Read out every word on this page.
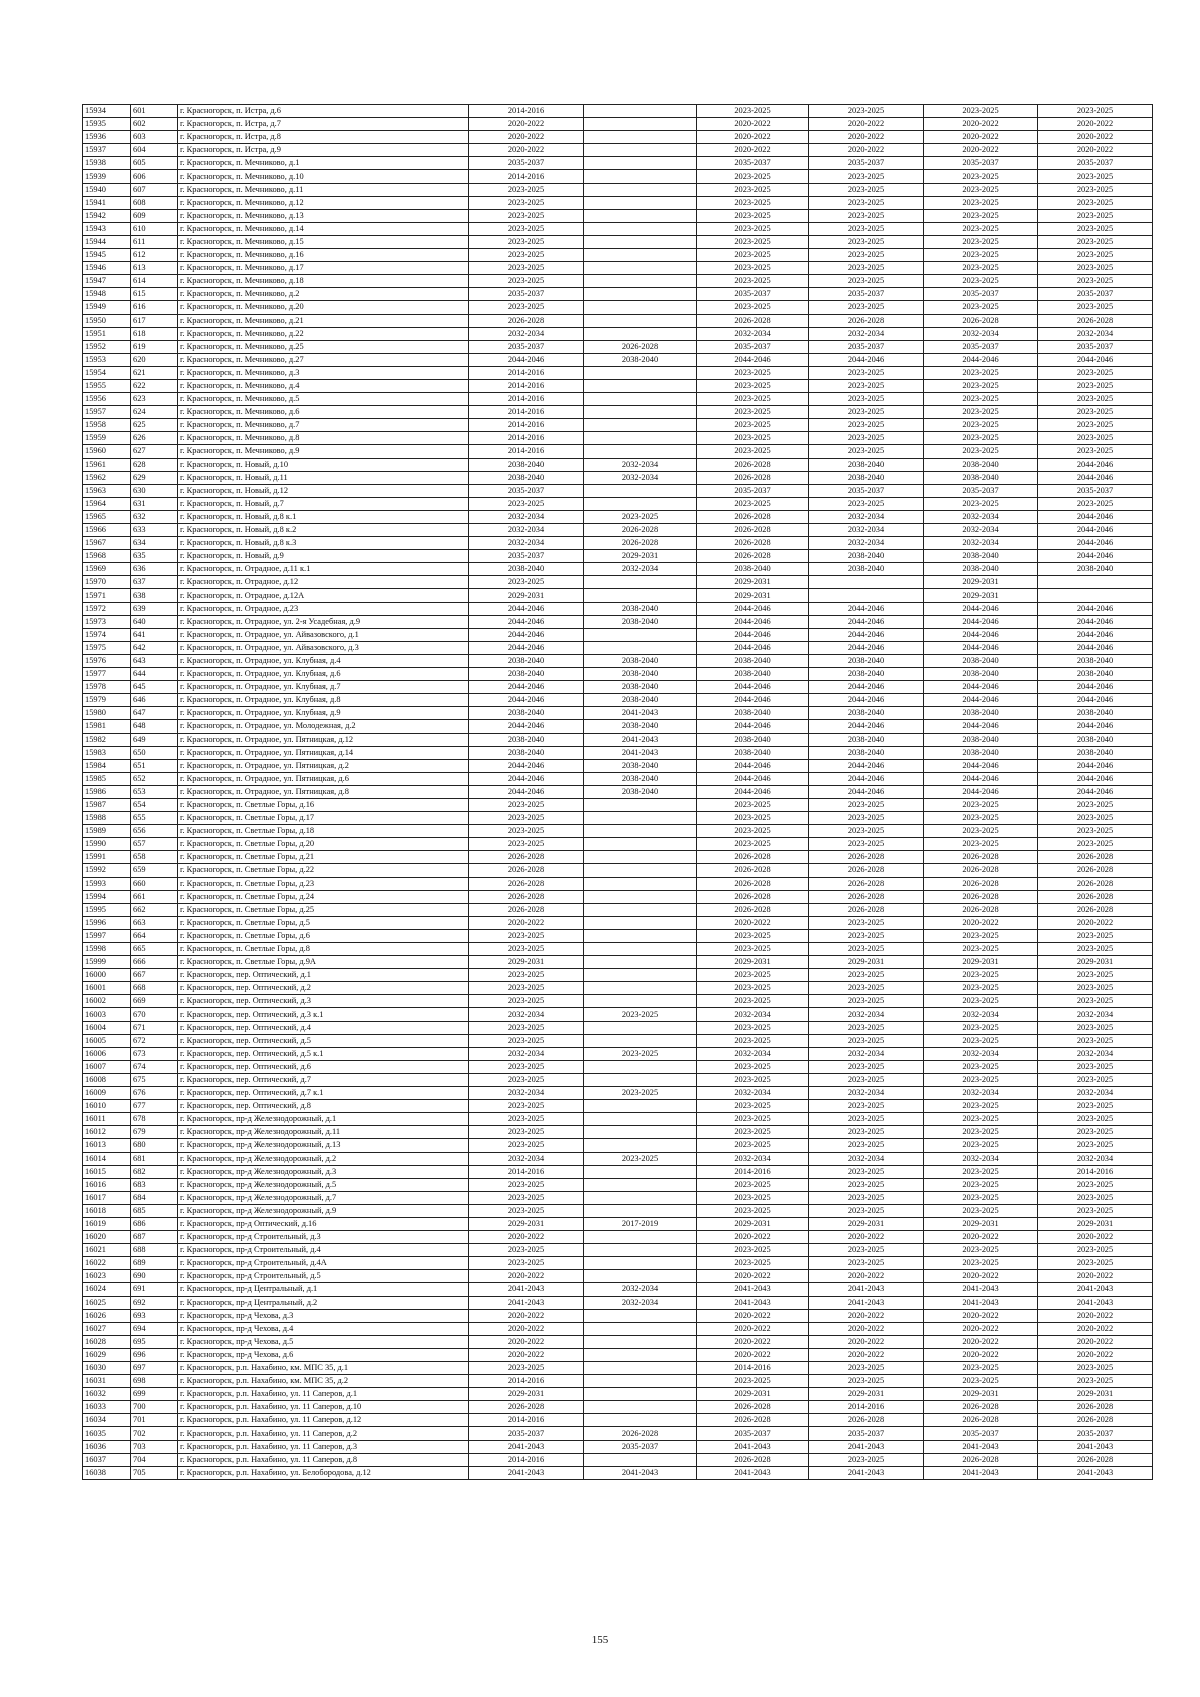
15934	601	г. Красногорск, п. Истра, д.6	2014-2016		2023-2025	2023-2025	2023-2025	2023-2025
15935	602	г. Красногорск, п. Истра, д.7	2020-2022		2020-2022	2020-2022	2020-2022	2020-2022
15936	603	г. Красногорск, п. Истра, д.8	2020-2022		2020-2022	2020-2022	2020-2022	2020-2022
15937	604	г. Красногорск, п. Истра, д.9	2020-2022		2020-2022	2020-2022	2020-2022	2020-2022
15938	605	г. Красногорск, п. Мечниково, д.1	2035-2037		2035-2037	2035-2037	2035-2037	2035-2037
15939	606	г. Красногорск, п. Мечниково, д.10	2014-2016		2023-2025	2023-2025	2023-2025	2023-2025
15940	607	г. Красногорск, п. Мечниково, д.11	2023-2025		2023-2025	2023-2025	2023-2025	2023-2025
15941	608	г. Красногорск, п. Мечниково, д.12	2023-2025		2023-2025	2023-2025	2023-2025	2023-2025
15942	609	г. Красногорск, п. Мечниково, д.13	2023-2025		2023-2025	2023-2025	2023-2025	2023-2025
15943	610	г. Красногорск, п. Мечниково, д.14	2023-2025		2023-2025	2023-2025	2023-2025	2023-2025
15944	611	г. Красногорск, п. Мечниково, д.15	2023-2025		2023-2025	2023-2025	2023-2025	2023-2025
15945	612	г. Красногорск, п. Мечниково, д.16	2023-2025		2023-2025	2023-2025	2023-2025	2023-2025
15946	613	г. Красногорск, п. Мечниково, д.17	2023-2025		2023-2025	2023-2025	2023-2025	2023-2025
15947	614	г. Красногорск, п. Мечниково, д.18	2023-2025		2023-2025	2023-2025	2023-2025	2023-2025
15948	615	г. Красногорск, п. Мечниково, д.2	2035-2037		2035-2037	2035-2037	2035-2037	2035-2037
15949	616	г. Красногорск, п. Мечниково, д.20	2023-2025		2023-2025	2023-2025	2023-2025	2023-2025
15950	617	г. Красногорск, п. Мечниково, д.21	2026-2028		2026-2028	2026-2028	2026-2028	2026-2028
15951	618	г. Красногорск, п. Мечниково, д.22	2032-2034		2032-2034	2032-2034	2032-2034	2032-2034
15952	619	г. Красногорск, п. Мечниково, д.25	2035-2037	2026-2028	2035-2037	2035-2037	2035-2037	2035-2037
15953	620	г. Красногорск, п. Мечниково, д.27	2044-2046	2038-2040	2044-2046	2044-2046	2044-2046	2044-2046
15954	621	г. Красногорск, п. Мечниково, д.3	2014-2016		2023-2025	2023-2025	2023-2025	2023-2025
15955	622	г. Красногорск, п. Мечниково, д.4	2014-2016		2023-2025	2023-2025	2023-2025	2023-2025
15956	623	г. Красногорск, п. Мечниково, д.5	2014-2016		2023-2025	2023-2025	2023-2025	2023-2025
15957	624	г. Красногорск, п. Мечниково, д.6	2014-2016		2023-2025	2023-2025	2023-2025	2023-2025
15958	625	г. Красногорск, п. Мечниково, д.7	2014-2016		2023-2025	2023-2025	2023-2025	2023-2025
15959	626	г. Красногорск, п. Мечниково, д.8	2014-2016		2023-2025	2023-2025	2023-2025	2023-2025
15960	627	г. Красногорск, п. Мечниково, д.9	2014-2016		2023-2025	2023-2025	2023-2025	2023-2025
15961	628	г. Красногорск, п. Новый, д.10	2038-2040	2032-2034	2026-2028	2038-2040	2038-2040	2044-2046
15962	629	г. Красногорск, п. Новый, д.11	2038-2040	2032-2034	2026-2028	2038-2040	2038-2040	2044-2046
15963	630	г. Красногорск, п. Новый, д.12	2035-2037		2035-2037	2035-2037	2035-2037	2035-2037
15964	631	г. Красногорск, п. Новый, д.7	2023-2025		2023-2025	2023-2025	2023-2025	2023-2025
15965	632	г. Красногорск, п. Новый, д.8 к.1	2032-2034	2023-2025	2026-2028	2032-2034	2032-2034	2044-2046
15966	633	г. Красногорск, п. Новый, д.8 к.2	2032-2034	2026-2028	2026-2028	2032-2034	2032-2034	2044-2046
15967	634	г. Красногорск, п. Новый, д.8 к.3	2032-2034	2026-2028	2026-2028	2032-2034	2032-2034	2044-2046
15968	635	г. Красногорск, п. Новый, д.9	2035-2037	2029-2031	2026-2028	2038-2040	2038-2040	2044-2046
15969	636	г. Красногорск, п. Отрадное, д.11 к.1	2038-2040	2032-2034	2038-2040	2038-2040	2038-2040	2038-2040
15970	637	г. Красногорск, п. Отрадное, д.12	2023-2025		2029-2031		2029-2031	
15971	638	г. Красногорск, п. Отрадное, д.12А	2029-2031		2029-2031		2029-2031	
15972	639	г. Красногорск, п. Отрадное, д.23	2044-2046	2038-2040	2044-2046	2044-2046	2044-2046	2044-2046
15973	640	г. Красногорск, п. Отрадное, ул. 2-я Усадебная, д.9	2044-2046	2038-2040	2044-2046	2044-2046	2044-2046	2044-2046
15974	641	г. Красногорск, п. Отрадное, ул. Айвазовского, д.1	2044-2046		2044-2046	2044-2046	2044-2046	2044-2046
15975	642	г. Красногорск, п. Отрадное, ул. Айвазовского, д.3	2044-2046		2044-2046	2044-2046	2044-2046	2044-2046
15976	643	г. Красногорск, п. Отрадное, ул. Клубная, д.4	2038-2040	2038-2040	2038-2040	2038-2040	2038-2040	2038-2040
15977	644	г. Красногорск, п. Отрадное, ул. Клубная, д.6	2038-2040	2038-2040	2038-2040	2038-2040	2038-2040	2038-2040
15978	645	г. Красногорск, п. Отрадное, ул. Клубная, д.7	2044-2046	2038-2040	2044-2046	2044-2046	2044-2046	2044-2046
15979	646	г. Красногорск, п. Отрадное, ул. Клубная, д.8	2044-2046	2038-2040	2044-2046	2044-2046	2044-2046	2044-2046
15980	647	г. Красногорск, п. Отрадное, ул. Клубная, д.9	2038-2040	2041-2043	2038-2040	2038-2040	2038-2040	2038-2040
15981	648	г. Красногорск, п. Отрадное, ул. Молодежная, д.2	2044-2046	2038-2040	2044-2046	2044-2046	2044-2046	2044-2046
15982	649	г. Красногорск, п. Отрадное, ул. Пятницкая, д.12	2038-2040	2041-2043	2038-2040	2038-2040	2038-2040	2038-2040
15983	650	г. Красногорск, п. Отрадное, ул. Пятницкая, д.14	2038-2040	2041-2043	2038-2040	2038-2040	2038-2040	2038-2040
15984	651	г. Красногорск, п. Отрадное, ул. Пятницкая, д.2	2044-2046	2038-2040	2044-2046	2044-2046	2044-2046	2044-2046
15985	652	г. Красногорск, п. Отрадное, ул. Пятницкая, д.6	2044-2046	2038-2040	2044-2046	2044-2046	2044-2046	2044-2046
15986	653	г. Красногорск, п. Отрадное, ул. Пятницкая, д.8	2044-2046	2038-2040	2044-2046	2044-2046	2044-2046	2044-2046
15987	654	г. Красногорск, п. Светлые Горы, д.16	2023-2025		2023-2025	2023-2025	2023-2025	2023-2025
15988	655	г. Красногорск, п. Светлые Горы, д.17	2023-2025		2023-2025	2023-2025	2023-2025	2023-2025
15989	656	г. Красногорск, п. Светлые Горы, д.18	2023-2025		2023-2025	2023-2025	2023-2025	2023-2025
15990	657	г. Красногорск, п. Светлые Горы, д.20	2023-2025		2023-2025	2023-2025	2023-2025	2023-2025
15991	658	г. Красногорск, п. Светлые Горы, д.21	2026-2028		2026-2028	2026-2028	2026-2028	2026-2028
15992	659	г. Красногорск, п. Светлые Горы, д.22	2026-2028		2026-2028	2026-2028	2026-2028	2026-2028
15993	660	г. Красногорск, п. Светлые Горы, д.23	2026-2028		2026-2028	2026-2028	2026-2028	2026-2028
15994	661	г. Красногорск, п. Светлые Горы, д.24	2026-2028		2026-2028	2026-2028	2026-2028	2026-2028
15995	662	г. Красногорск, п. Светлые Горы, д.25	2026-2028		2026-2028	2026-2028	2026-2028	2026-2028
15996	663	г. Красногорск, п. Светлые Горы, д.5	2020-2022		2020-2022	2023-2025	2020-2022	2020-2022
15997	664	г. Красногорск, п. Светлые Горы, д.6	2023-2025		2023-2025	2023-2025	2023-2025	2023-2025
15998	665	г. Красногорск, п. Светлые Горы, д.8	2023-2025		2023-2025	2023-2025	2023-2025	2023-2025
15999	666	г. Красногорск, п. Светлые Горы, д.9А	2029-2031		2029-2031	2029-2031	2029-2031	2029-2031
16000	667	г. Красногорск, пер. Оптический, д.1	2023-2025		2023-2025	2023-2025	2023-2025	2023-2025
16001	668	г. Красногорск, пер. Оптический, д.2	2023-2025		2023-2025	2023-2025	2023-2025	2023-2025
16002	669	г. Красногорск, пер. Оптический, д.3	2023-2025		2023-2025	2023-2025	2023-2025	2023-2025
16003	670	г. Красногорск, пер. Оптический, д.3 к.1	2032-2034	2023-2025	2032-2034	2032-2034	2032-2034	2032-2034
16004	671	г. Красногорск, пер. Оптический, д.4	2023-2025		2023-2025	2023-2025	2023-2025	2023-2025
16005	672	г. Красногорск, пер. Оптический, д.5	2023-2025		2023-2025	2023-2025	2023-2025	2023-2025
16006	673	г. Красногорск, пер. Оптический, д.5 к.1	2032-2034	2023-2025	2032-2034	2032-2034	2032-2034	2032-2034
16007	674	г. Красногорск, пер. Оптический, д.6	2023-2025		2023-2025	2023-2025	2023-2025	2023-2025
16008	675	г. Красногорск, пер. Оптический, д.7	2023-2025		2023-2025	2023-2025	2023-2025	2023-2025
16009	676	г. Красногорск, пер. Оптический, д.7 к.1	2032-2034	2023-2025	2032-2034	2032-2034	2032-2034	2032-2034
16010	677	г. Красногорск, пер. Оптический, д.8	2023-2025		2023-2025	2023-2025	2023-2025	2023-2025
16011	678	г. Красногорск, пр-д Железнодорожный, д.1	2023-2025		2023-2025	2023-2025	2023-2025	2023-2025
16012	679	г. Красногорск, пр-д Железнодорожный, д.11	2023-2025		2023-2025	2023-2025	2023-2025	2023-2025
16013	680	г. Красногорск, пр-д Железнодорожный, д.13	2023-2025		2023-2025	2023-2025	2023-2025	2023-2025
16014	681	г. Красногорск, пр-д Железнодорожный, д.2	2032-2034	2023-2025	2032-2034	2032-2034	2032-2034	2032-2034
16015	682	г. Красногорск, пр-д Железнодорожный, д.3	2014-2016		2014-2016	2023-2025	2023-2025	2014-2016
16016	683	г. Красногорск, пр-д Железнодорожный, д.5	2023-2025		2023-2025	2023-2025	2023-2025	2023-2025
16017	684	г. Красногорск, пр-д Железнодорожный, д.7	2023-2025		2023-2025	2023-2025	2023-2025	2023-2025
16018	685	г. Красногорск, пр-д Железнодорожный, д.9	2023-2025		2023-2025	2023-2025	2023-2025	2023-2025
16019	686	г. Красногорск, пр-д Оптический, д.16	2029-2031	2017-2019	2029-2031	2029-2031	2029-2031	2029-2031
16020	687	г. Красногорск, пр-д Строительный, д.3	2020-2022		2020-2022	2020-2022	2020-2022	2020-2022
16021	688	г. Красногорск, пр-д Строительный, д.4	2023-2025		2023-2025	2023-2025	2023-2025	2023-2025
16022	689	г. Красногорск, пр-д Строительный, д.4А	2023-2025		2023-2025	2023-2025	2023-2025	2023-2025
16023	690	г. Красногорск, пр-д Строительный, д.5	2020-2022		2020-2022	2020-2022	2020-2022	2020-2022
16024	691	г. Красногорск, пр-д Центральный, д.1	2041-2043	2032-2034	2041-2043	2041-2043	2041-2043	2041-2043
16025	692	г. Красногорск, пр-д Центральный, д.2	2041-2043	2032-2034	2041-2043	2041-2043	2041-2043	2041-2043
16026	693	г. Красногорск, пр-д Чехова, д.3	2020-2022		2020-2022	2020-2022	2020-2022	2020-2022
16027	694	г. Красногорск, пр-д Чехова, д.4	2020-2022		2020-2022	2020-2022	2020-2022	2020-2022
16028	695	г. Красногорск, пр-д Чехова, д.5	2020-2022		2020-2022	2020-2022	2020-2022	2020-2022
16029	696	г. Красногорск, пр-д Чехова, д.6	2020-2022		2020-2022	2020-2022	2020-2022	2020-2022
16030	697	г. Красногорск, р.п. Нахабино, км. МПС 35, д.1	2023-2025		2014-2016	2023-2025	2023-2025	2023-2025
16031	698	г. Красногорск, р.п. Нахабино, км. МПС 35, д.2	2014-2016		2023-2025	2023-2025	2023-2025	2023-2025
16032	699	г. Красногорск, р.п. Нахабино, ул. 11 Саперов, д.1	2029-2031		2029-2031	2029-2031	2029-2031	2029-2031
16033	700	г. Красногорск, р.п. Нахабино, ул. 11 Саперов, д.10	2026-2028		2026-2028	2014-2016	2026-2028	2026-2028
16034	701	г. Красногорск, р.п. Нахабино, ул. 11 Саперов, д.12	2014-2016		2026-2028	2026-2028	2026-2028	2026-2028
16035	702	г. Красногорск, р.п. Нахабино, ул. 11 Саперов, д.2	2035-2037	2026-2028	2035-2037	2035-2037	2035-2037	2035-2037
16036	703	г. Красногорск, р.п. Нахабино, ул. 11 Саперов, д.3	2041-2043	2035-2037	2041-2043	2041-2043	2041-2043	2041-2043
16037	704	г. Красногорск, р.п. Нахабино, ул. 11 Саперов, д.8	2014-2016		2026-2028	2023-2025	2026-2028	2026-2028
16038	705	г. Красногорск, р.п. Нахабино, ул. Белобородова, д.12	2041-2043	2041-2043	2041-2043	2041-2043	2041-2043	2041-2043
155
